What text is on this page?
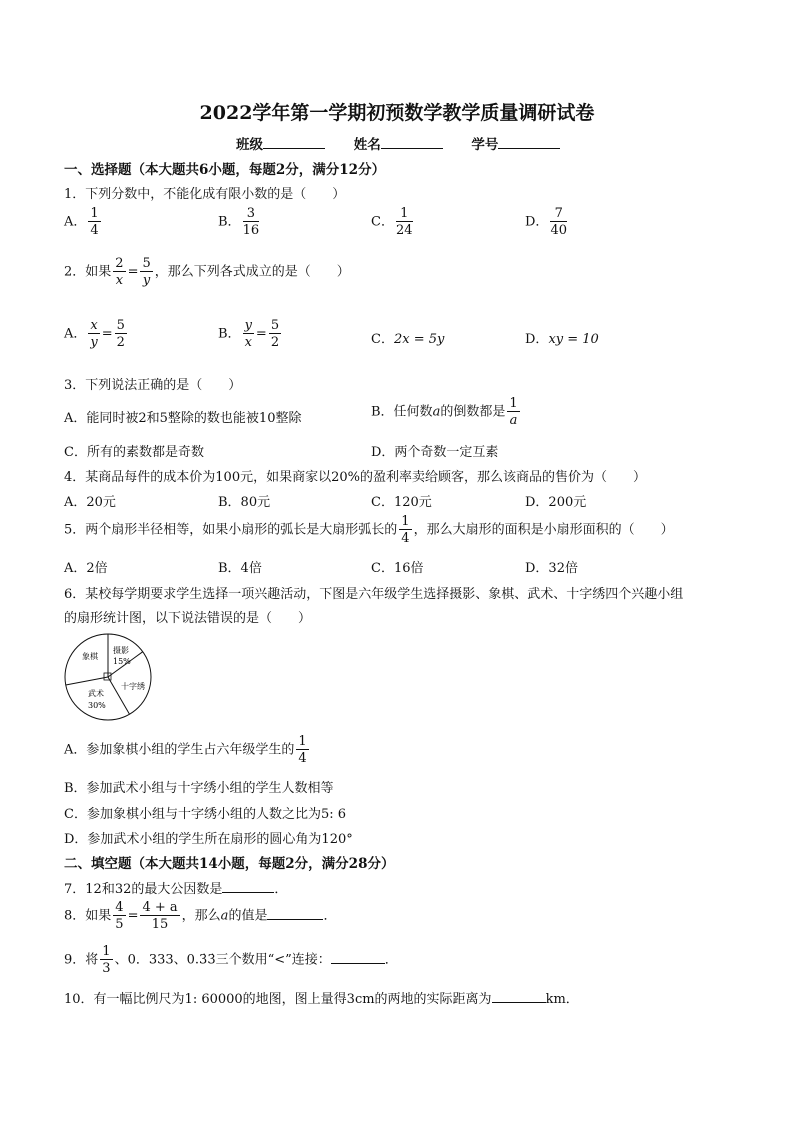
2022学年第一学期初预数学教学质量调研试卷
班级	姓名	学号
一、选择题（本大题共6小题，每题2分，满分12分）
1．下列分数中，不能化成有限小数的是（　　）
A． $\frac{1}{4}$	B． $\frac{3}{16}$	C． $\frac{1}{24}$	D． $\frac{7}{40}$
2．如果 $\frac{2}{x} = \frac{5}{y}$ ，那么下列各式成立的是（　　）
A． $\frac{x}{y} = \frac{5}{2}$	B． $\frac{y}{x} = \frac{5}{2}$	C．2x = 5y	D．xy = 10
3．下列说法正确的是（　　）
A．能同时被2和5整除的数也能被10整除	B．任何数a的倒数都是 $\frac{1}{a}$
C．所有的素数都是奇数	D．两个奇数一定互素
4．某商品每件的成本价为100元，如果商家以20%的盈利率卖给顾客，那么该商品的售价为（　　）
A．20元	B．80元	C．120元	D．200元
5．两个扇形半径相等，如果小扇形的弧长是大扇形弧长的 $\frac{1}{4}$ ，那么大扇形的面积是小扇形面积的（　　）
A．2倍	B．4倍	C．16倍	D．32倍
6．某校每学期要求学生选择一项兴趣活动，下图是六年级学生选择摄影、象棋、武术、十字绣四个兴趣小组
的扇形统计图，以下说法错误的是（　　）
象棋
摄影
15%
十字绣
武术
30%
A．参加象棋小组的学生占六年级学生的 $\frac{1}{4}$
B．参加武术小组与十字绣小组的学生人数相等
C．参加象棋小组与十字绣小组的人数之比为5: 6
D．参加武术小组的学生所在扇形的圆心角为120°
二、填空题（本大题共14小题，每题2分，满分28分）
7．12和32的最大公因数是	．
8．如果 $\frac{4}{5} = \frac{4 + a}{15}$ ，那么a的值是	．
9．将 $\frac{1}{3}$ 、0．333、0.3̇3̇三个数用“<”连接：	．
10．有一幅比例尺为1: 60000的地图，图上量得3cm的两地的实际距离为	km．
